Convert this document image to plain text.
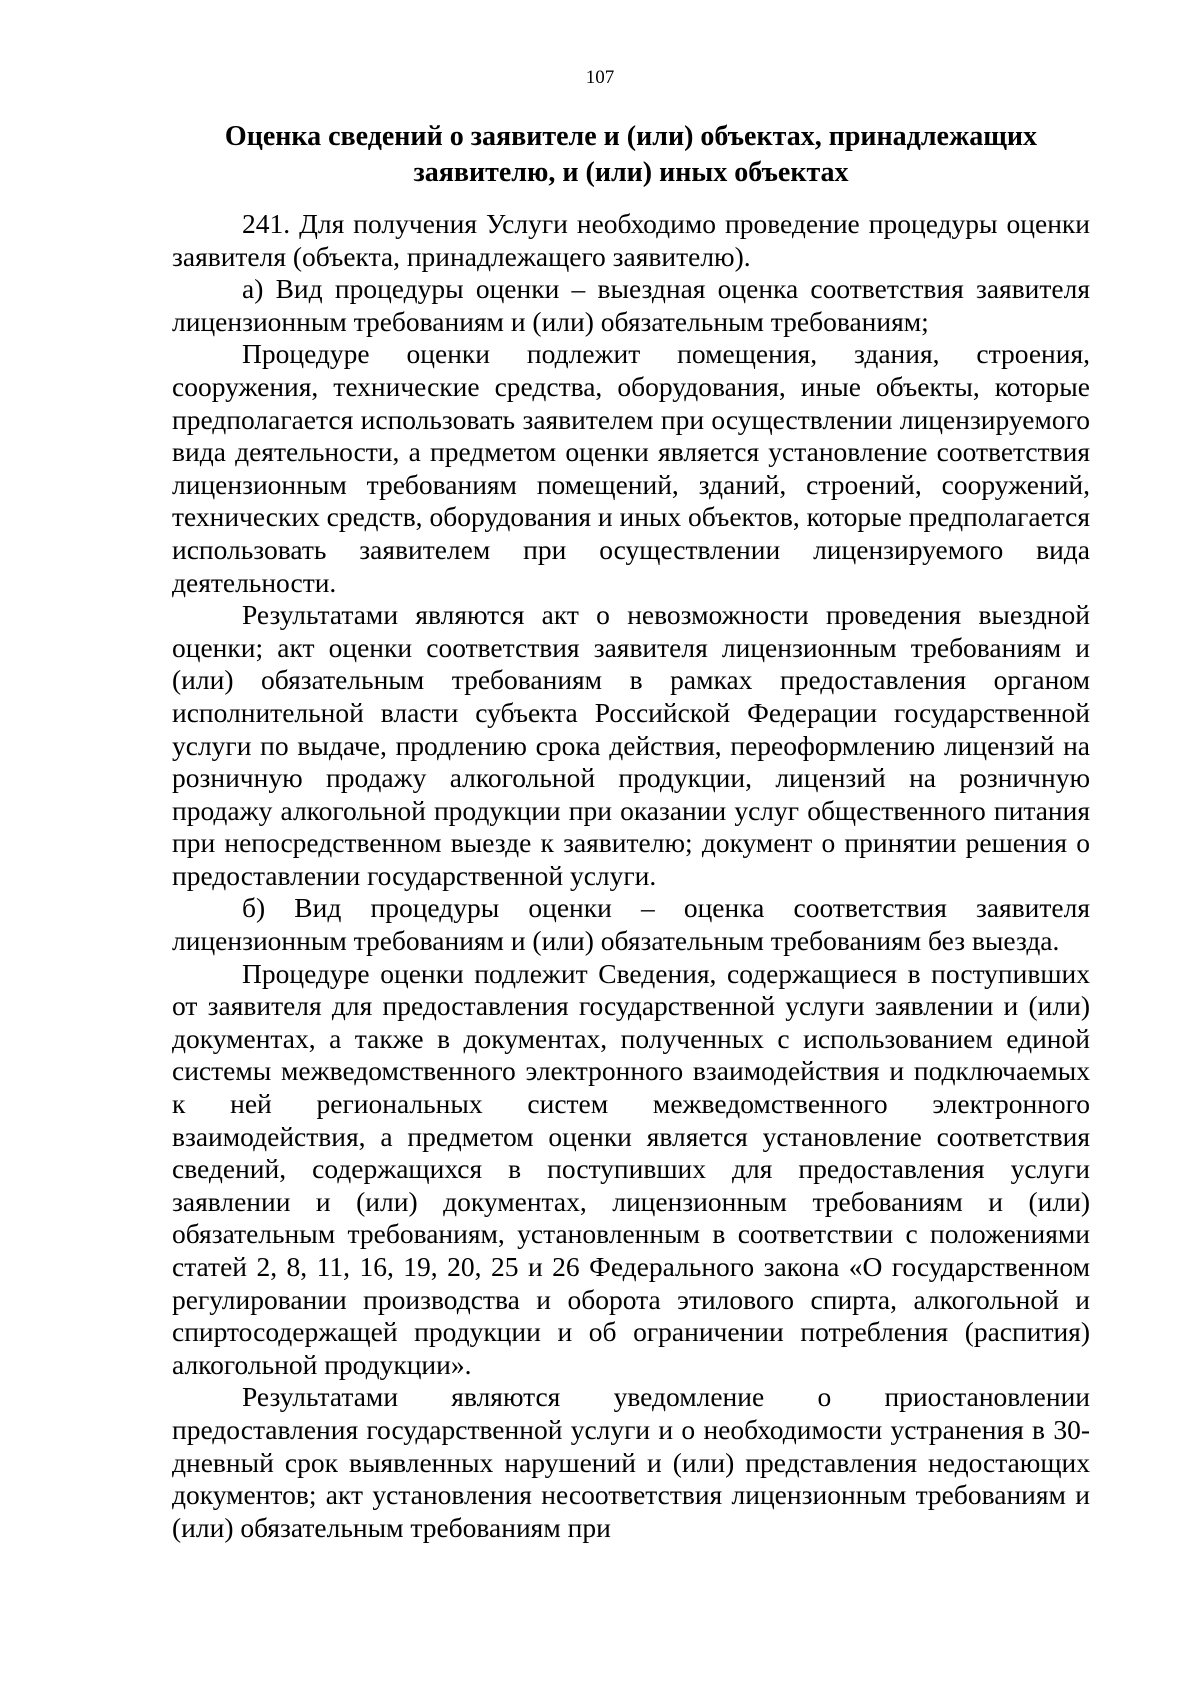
107
Оценка сведений о заявителе и (или) объектах, принадлежащих заявителю, и (или) иных объектах

241. Для получения Услуги необходимо проведение процедуры оценки заявителя (объекта, принадлежащего заявителю).

а) Вид процедуры оценки – выездная оценка соответствия заявителя лицензионным требованиям и (или) обязательным требованиям;

Процедуре оценки подлежит помещения, здания, строения, сооружения, технические средства, оборудования, иные объекты, которые предполагается использовать заявителем при осуществлении лицензируемого вида деятельности, а предметом оценки является установление соответствия лицензионным требованиям помещений, зданий, строений, сооружений, технических средств, оборудования и иных объектов, которые предполагается использовать заявителем при осуществлении лицензируемого вида деятельности.

Результатами являются акт о невозможности проведения выездной оценки; акт оценки соответствия заявителя лицензионным требованиям и (или) обязательным требованиям в рамках предоставления органом исполнительной власти субъекта Российской Федерации государственной услуги по выдаче, продлению срока действия, переоформлению лицензий на розничную продажу алкогольной продукции, лицензий на розничную продажу алкогольной продукции при оказании услуг общественного питания при непосредственном выезде к заявителю; документ о принятии решения о предоставлении государственной услуги.

б) Вид процедуры оценки – оценка соответствия заявителя лицензионным требованиям и (или) обязательным требованиям без выезда.

Процедуре оценки подлежит Сведения, содержащиеся в поступивших от заявителя для предоставления государственной услуги заявлении и (или) документах, а также в документах, полученных с использованием единой системы межведомственного электронного взаимодействия и подключаемых к ней региональных систем межведомственного электронного взаимодействия, а предметом оценки является установление соответствия сведений, содержащихся в поступивших для предоставления услуги заявлении и (или) документах, лицензионным требованиям и (или) обязательным требованиям, установленным в соответствии с положениями статей 2, 8, 11, 16, 19, 20, 25 и 26 Федерального закона «О государственном регулировании производства и оборота этилового спирта, алкогольной и спиртосодержащей продукции и об ограничении потребления (распития) алкогольной продукции».

Результатами являются уведомление о приостановлении предоставления государственной услуги и о необходимости устранения в 30-дневный срок выявленных нарушений и (или) представления недостающих документов; акт установления несоответствия лицензионным требованиям и (или) обязательным требованиям при
